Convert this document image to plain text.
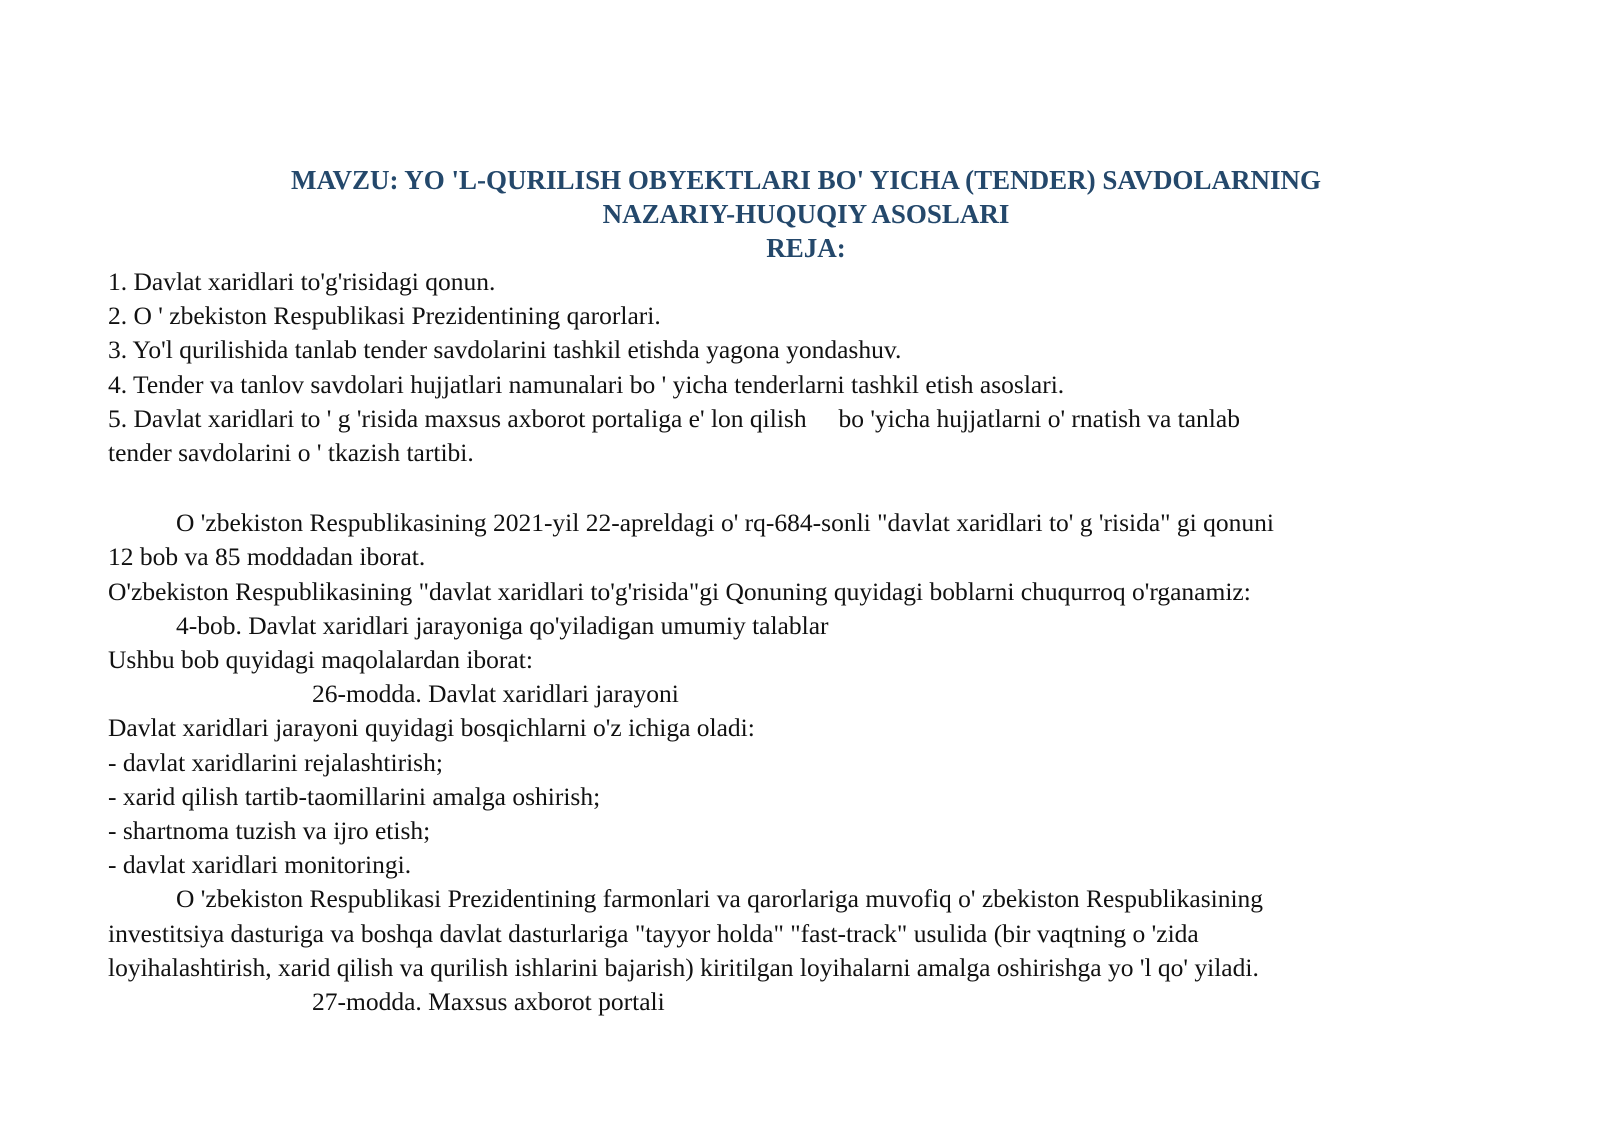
MAVZU: YO 'L-QURILISH OBYEKTLARI BO' YICHA (TENDER) SAVDOLARNING
NAZARIY-HUQUQIY ASOSLARI
REJA:
1. Davlat xaridlari to'g'risidagi qonun.
2. O ' zbekiston Respublikasi Prezidentining qarorlari.
3. Yo'l qurilishida tanlab tender savdolarini tashkil etishda yagona yondashuv.
4. Tender va tanlov savdolari hujjatlari namunalari bo ' yicha tenderlarni tashkil etish asoslari.
5. Davlat xaridlari to ' g 'risida maxsus axborot portaliga e' lon qilish     bo 'yicha hujjatlarni o' rnatish va tanlab
tender savdolarini o ' tkazish tartibi.
O 'zbekiston Respublikasining 2021-yil 22-apreldagi o' rq-684-sonli "davlat xaridlari to' g 'risida" gi qonuni
12 bob va 85 moddadan iborat.
O'zbekiston Respublikasining "davlat xaridlari to'g'risida"gi Qonuning quyidagi boblarni chuqurroq o'rganamiz:
4-bob. Davlat xaridlari jarayoniga qo'yiladigan umumiy talablar
Ushbu bob quyidagi maqolalardan iborat:
26-modda. Davlat xaridlari jarayoni
Davlat xaridlari jarayoni quyidagi bosqichlarni o'z ichiga oladi:
- davlat xaridlarini rejalashtirish;
- xarid qilish tartib-taomillarini amalga oshirish;
- shartnoma tuzish va ijro etish;
- davlat xaridlari monitoringi.
O 'zbekiston Respublikasi Prezidentining farmonlari va qarorlariga muvofiq o' zbekiston Respublikasining
investitsiya dasturiga va boshqa davlat dasturlariga "tayyor holda" "fast-track" usulida (bir vaqtning o 'zida
loyihalashtirish, xarid qilish va qurilish ishlarini bajarish) kiritilgan loyihalarni amalga oshirishga yo 'l qo' yiladi.
27-modda. Maxsus axborot portali
